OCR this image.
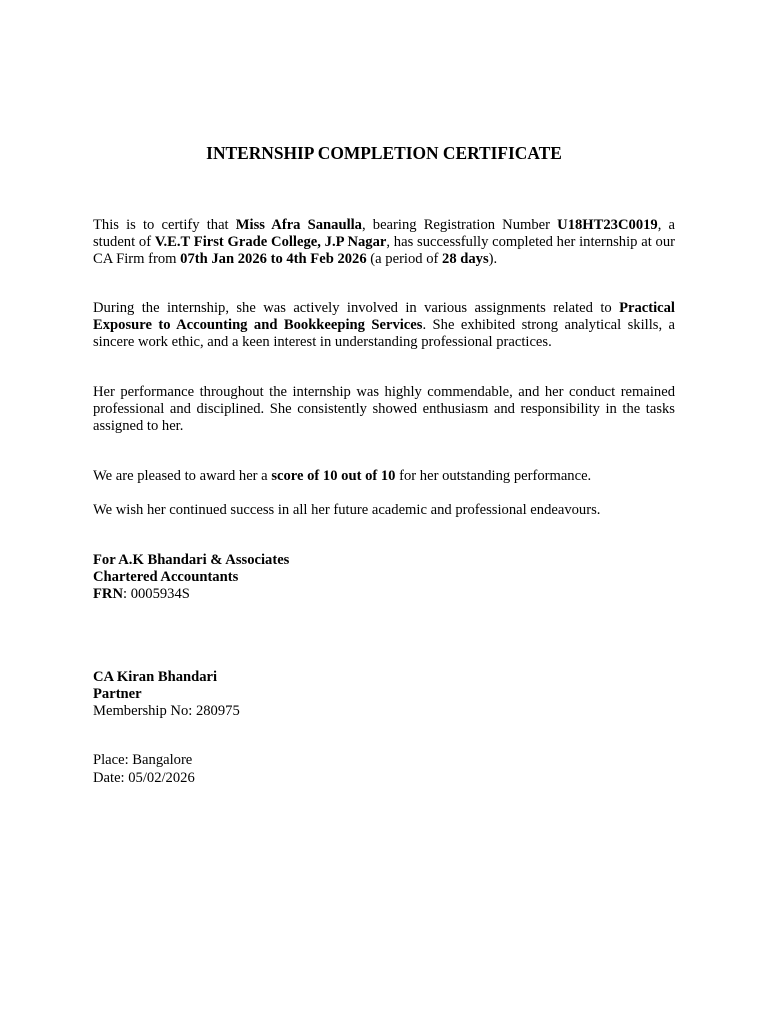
INTERNSHIP COMPLETION CERTIFICATE

This is to certify that Miss Afra Sanaulla, bearing Registration Number U18HT23C0019, a student of V.E.T First Grade College, J.P Nagar, has successfully completed her internship at our CA Firm from 07th Jan 2026 to 4th Feb 2026 (a period of 28 days).

During the internship, she was actively involved in various assignments related to Practical Exposure to Accounting and Bookkeeping Services. She exhibited strong analytical skills, a sincere work ethic, and a keen interest in understanding professional practices.

Her performance throughout the internship was highly commendable, and her conduct remained professional and disciplined. She consistently showed enthusiasm and responsibility in the tasks assigned to her.

We are pleased to award her a score of 10 out of 10 for her outstanding performance.

We wish her continued success in all her future academic and professional endeavours.

For A.K Bhandari & Associates
Chartered Accountants
FRN: 0005934S
CA Kiran Bhandari
Partner
Membership No: 280975
Place: Bangalore
Date: 05/02/2026
